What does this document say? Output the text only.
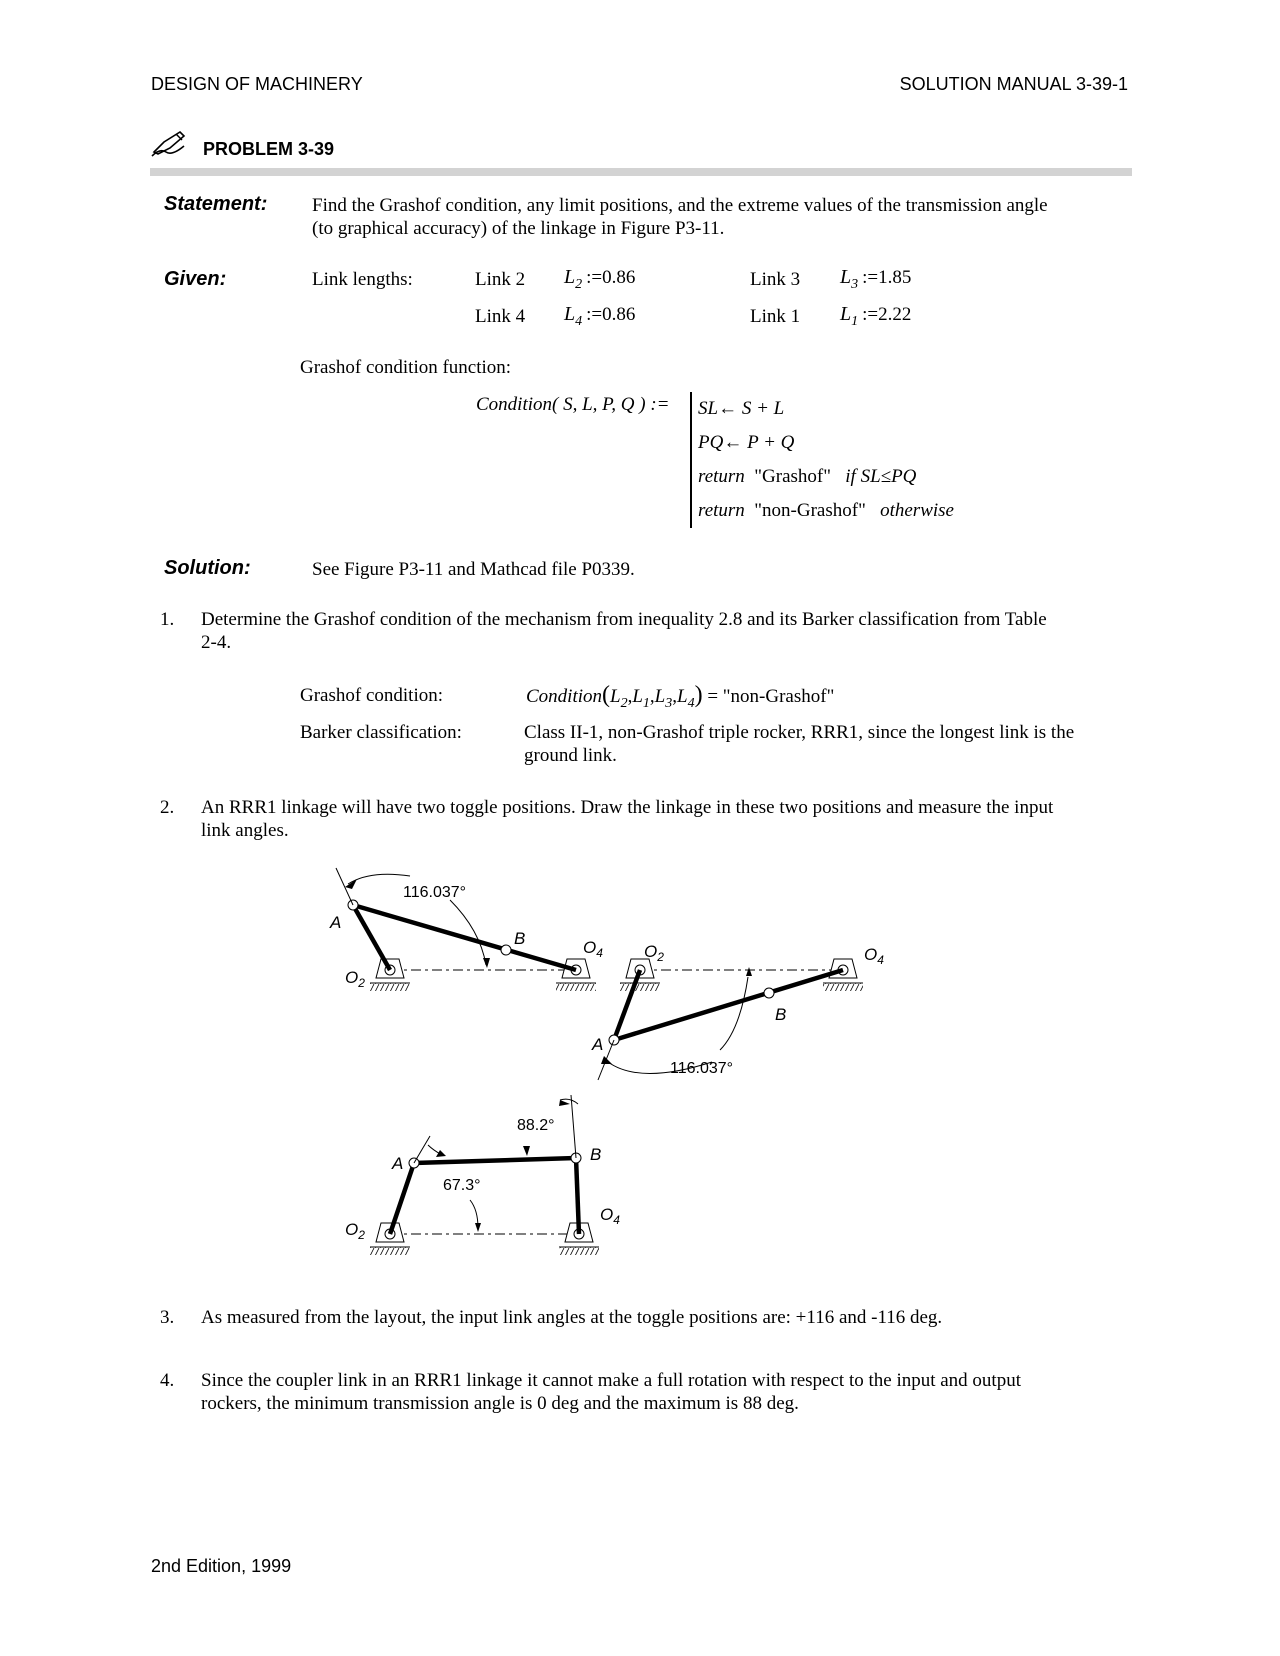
DESIGN OF MACHINERY	SOLUTION MANUAL 3-39-1
PROBLEM 3-39
Statement: Find the Grashof condition, any limit positions, and the extreme values of the transmission angle
(to graphical accuracy) of the linkage in Figure P3-11.
Given:	Link lengths:	Link 2 $L_2$ :=0.86	Link 3 $L_3$ :=1.85
Link 4 $L_4$ :=0.86	Link 1 $L_1$ :=2.22
Grashof condition function:
Condition( S, L, P, Q ) := SL← S + L
PQ← P + Q
return "Grashof" if SL≤PQ
return "non-Grashof" otherwise
Solution:	See Figure P3-11 and Mathcad file P0339.
1. Determine the Grashof condition of the mechanism from inequality 2.8 and its Barker classification from Table
2-4.
Grashof condition:	$Condition(L_2,L_1,L_3,L_4)$ = "non-Grashof"
Barker classification:	Class II-1, non-Grashof triple rocker, RRR1, since the longest link is the
ground link.
2. An RRR1 linkage will have two toggle positions. Draw the linkage in these two positions and measure the input
link angles.
116.037°
A
$O_2$
B	$O_4$
116.037°
A
$O_2$
B
$O_4$
88.2°
67.3°
A	B
$O_2$
$O_4$
3. As measured from the layout, the input link angles at the toggle positions are: +116 and -116 deg.
4. Since the coupler link in an RRR1 linkage it cannot make a full rotation with respect to the input and output
rockers, the minimum transmission angle is 0 deg and the maximum is 88 deg.
2nd Edition, 1999
